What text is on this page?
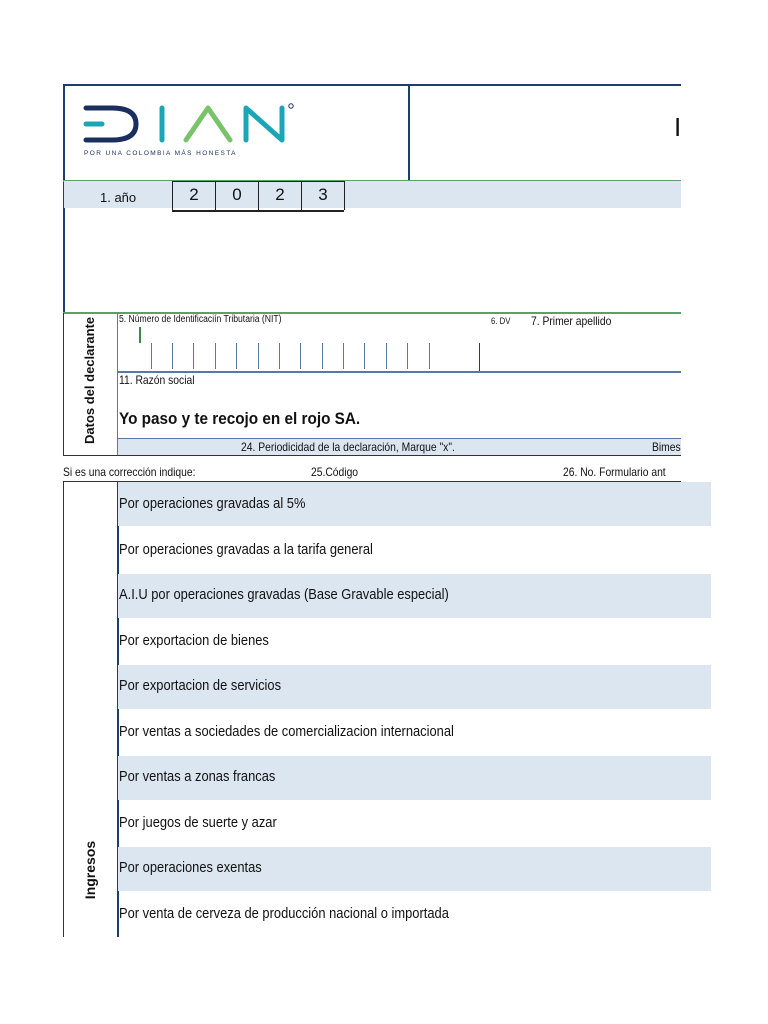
POR UNA COLOMBIA MÁS HONESTA
I
1. año	2	0	2	3
Datos del declarante 5. Número de Identificaciín Tributaria (NIT)	6. DV 7. Primer apellido
11. Razón social
Yo paso y te recojo en el rojo SA.
24. Periodicidad de la declaración, Marque "x".	Bimes
Si es una corrección indique:	25.Código	26. No. Formulario ant
Ingresos
Por operaciones gravadas al 5%
Por operaciones gravadas a la tarifa general
A.I.U por operaciones gravadas (Base Gravable especial)
Por exportacion de bienes
Por exportacion de servicios
Por ventas a sociedades de comercializacion internacional
Por ventas a zonas francas
Por juegos de suerte y azar
Por operaciones exentas
Por venta de cerveza de producción nacional o importada
